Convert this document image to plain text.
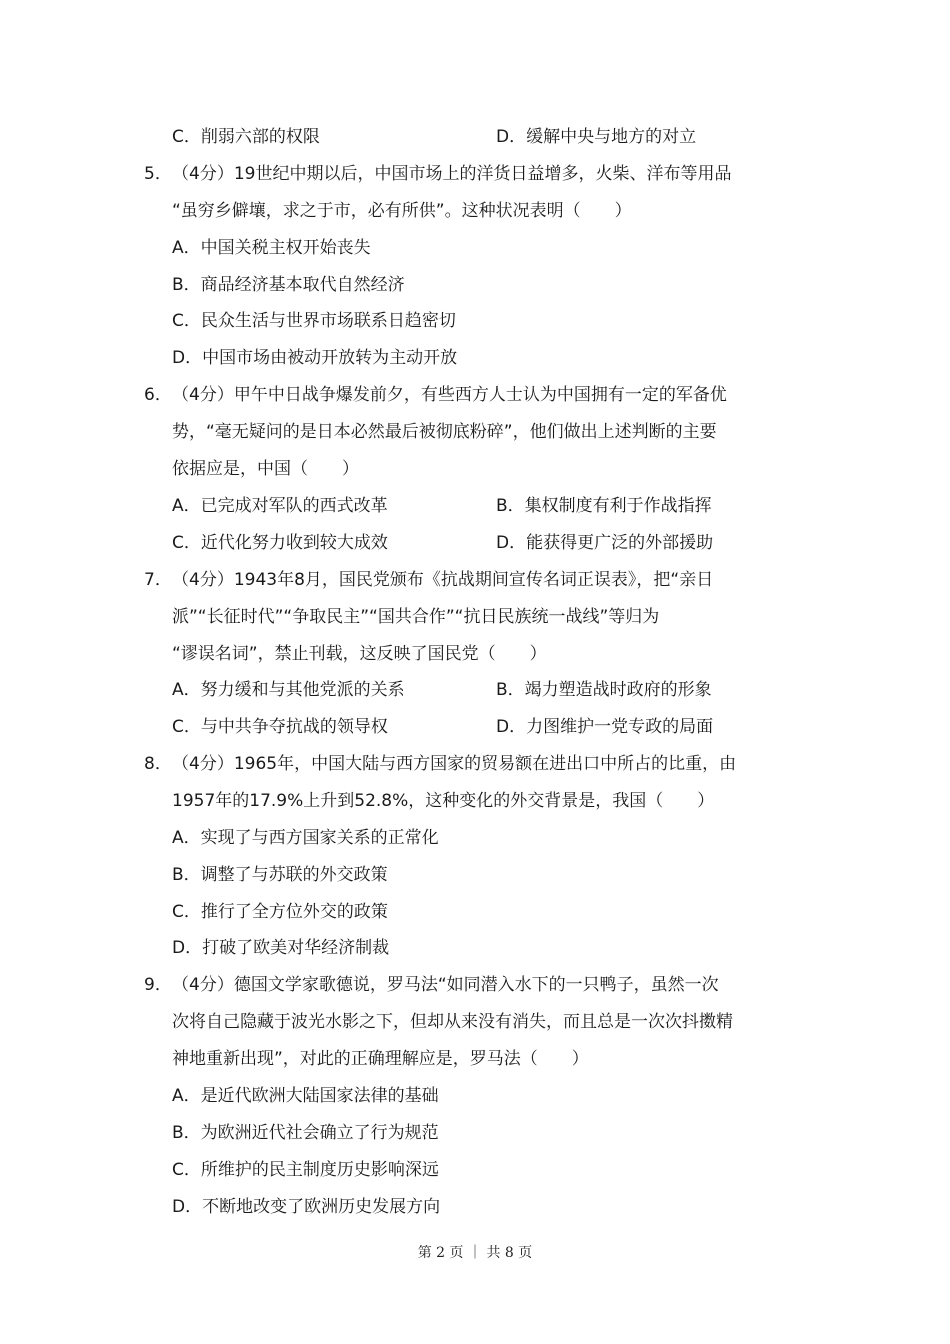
C．削弱六部的权限	D．缓解中央与地方的对立
5． （4分）19世纪中期以后，中国市场上的洋货日益增多，火柴、洋布等用品
“虽穷乡僻壤，求之于市，必有所供”。这种状况表明（　　）
A．中国关税主权开始丧失
B．商品经济基本取代自然经济
C．民众生活与世界市场联系日趋密切
D．中国市场由被动开放转为主动开放
6． （4分）甲午中日战争爆发前夕，有些西方人士认为中国拥有一定的军备优
势，“毫无疑问的是日本必然最后被彻底粉碎”，他们做出上述判断的主要
依据应是，中国（　　）
A．已完成对军队的西式改革	B．集权制度有利于作战指挥
C．近代化努力收到较大成效	D．能获得更广泛的外部援助
7． （4分）1943年8月，国民党颁布《抗战期间宣传名词正误表》，把“亲日
派”“长征时代”“争取民主”“国共合作”“抗日民族统一战线”等归为
“谬误名词”，禁止刊载，这反映了国民党（　　）
A．努力缓和与其他党派的关系	B．竭力塑造战时政府的形象
C．与中共争夺抗战的领导权	D．力图维护一党专政的局面
8． （4分）1965年，中国大陆与西方国家的贸易额在进出口中所占的比重，由
1957年的17.9%上升到52.8%，这种变化的外交背景是，我国（　　）
A．实现了与西方国家关系的正常化
B．调整了与苏联的外交政策
C．推行了全方位外交的政策
D．打破了欧美对华经济制裁
9． （4分）德国文学家歌德说，罗马法“如同潜入水下的一只鸭子，虽然一次
次将自己隐藏于波光水影之下，但却从来没有消失，而且总是一次次抖擞精
神地重新出现”，对此的正确理解应是，罗马法（　　）
A．是近代欧洲大陆国家法律的基础
B．为欧洲近代社会确立了行为规范
C．所维护的民主制度历史影响深远
D．不断地改变了欧洲历史发展方向
第 2 页 ｜ 共 8 页
